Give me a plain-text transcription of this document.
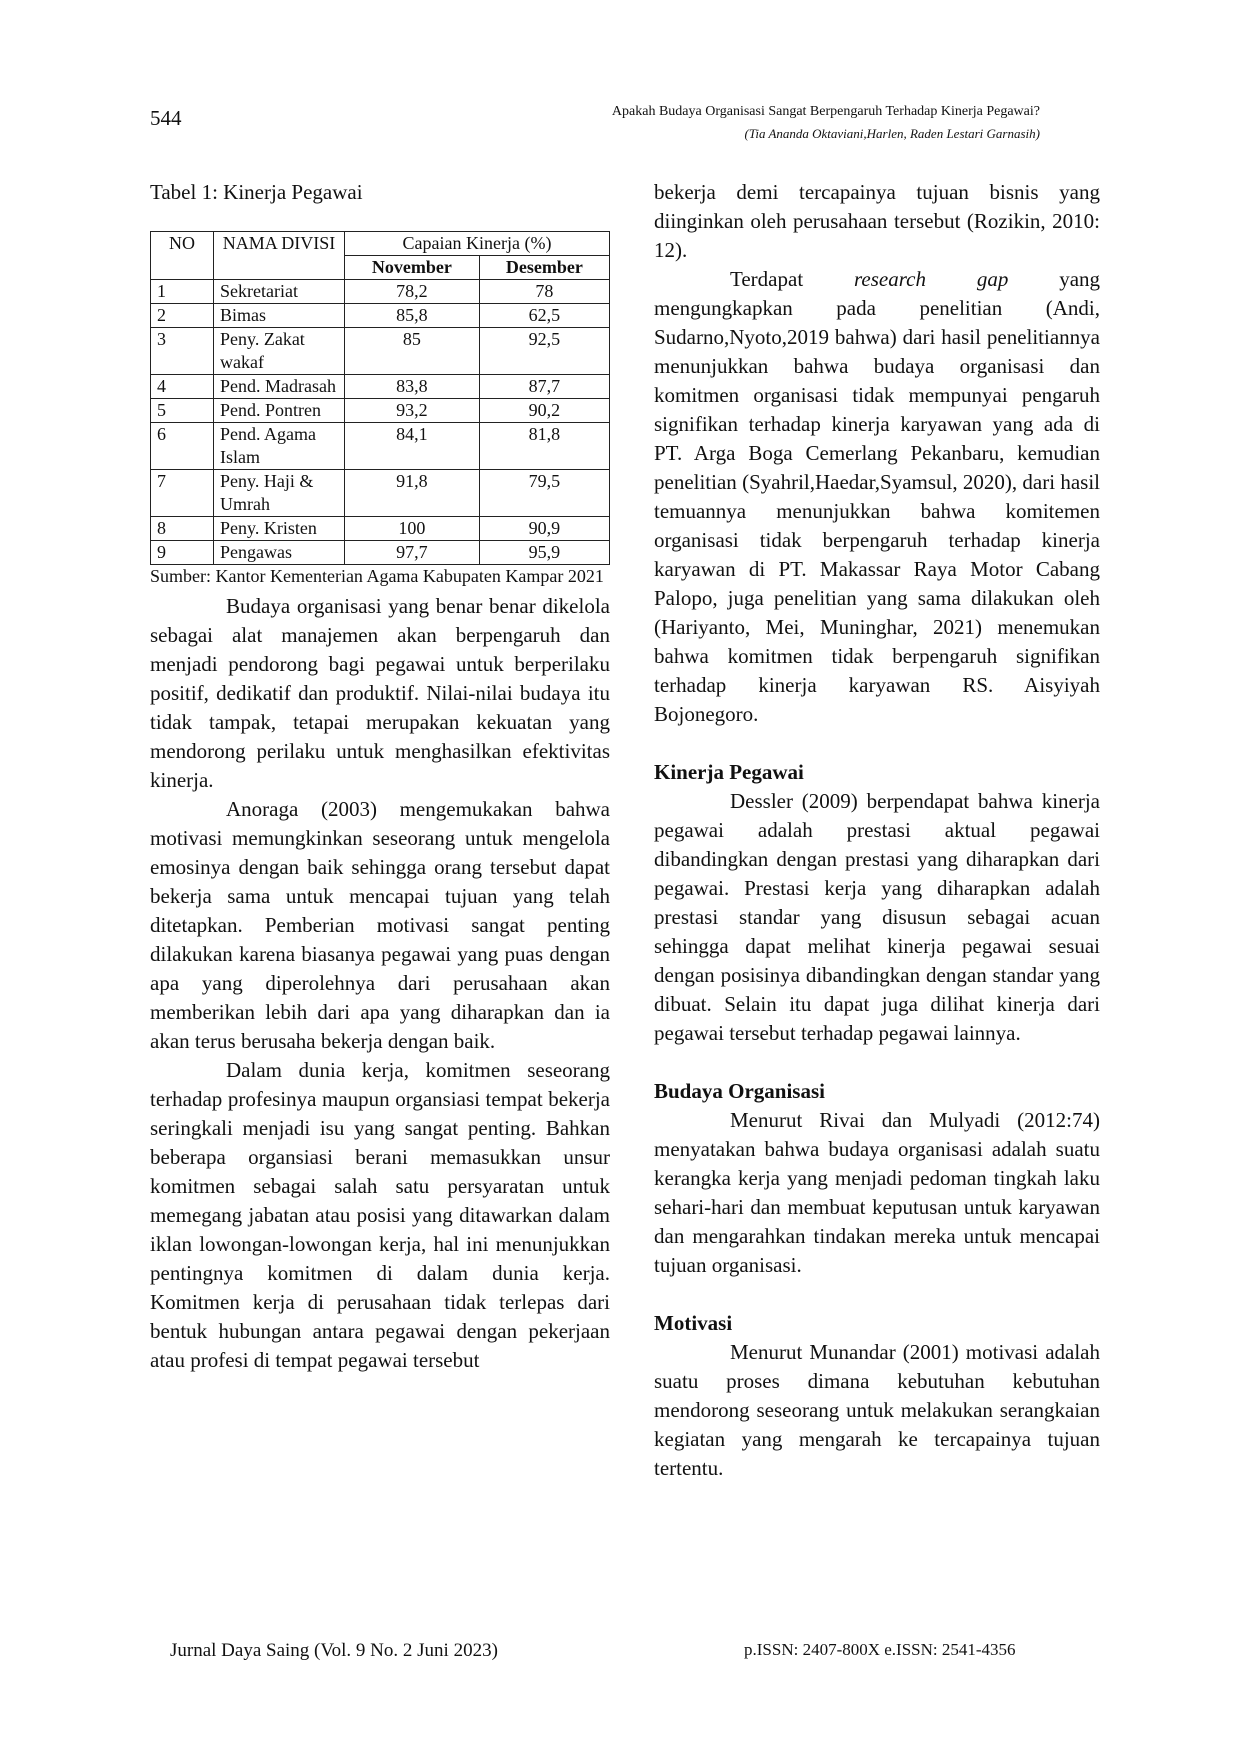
544	Apakah Budaya Organisasi Sangat Berpengaruh Terhadap Kinerja Pegawai?
(Tia Ananda Oktaviani,Harlen, Raden Lestari Garnasih)

Tabel 1: Kinerja Pegawai

NO	NAMA DIVISI	Capaian Kinerja (%)	
		November	Desember
1	Sekretariat	78,2	78
2	Bimas	85,8	62,5
3	Peny. Zakat wakaf	85	92,5
4	Pend. Madrasah	83,8	87,7
5	Pend. Pontren	93,2	90,2
6	Pend. Agama Islam	84,1	81,8
7	Peny. Haji & Umrah	91,8	79,5
8	Peny. Kristen	100	90,9
9	Pengawas	97,7	95,9

Sumber: Kantor Kementerian Agama Kabupaten Kampar 2021

Budaya organisasi yang benar benar dikelola sebagai alat manajemen akan berpengaruh dan menjadi pendorong bagi pegawai untuk berperilaku positif, dedikatif dan produktif. Nilai-nilai budaya itu tidak tampak, tetapai merupakan kekuatan yang mendorong perilaku untuk menghasilkan efektivitas kinerja.

Anoraga (2003) mengemukakan bahwa motivasi memungkinkan seseorang untuk mengelola emosinya dengan baik sehingga orang tersebut dapat bekerja sama untuk mencapai tujuan yang telah ditetapkan. Pemberian motivasi sangat penting dilakukan karena biasanya pegawai yang puas dengan apa yang diperolehnya dari perusahaan akan memberikan lebih dari apa yang diharapkan dan ia akan terus berusaha bekerja dengan baik.

Dalam dunia kerja, komitmen seseorang terhadap profesinya maupun organsiasi tempat bekerja seringkali menjadi isu yang sangat penting. Bahkan beberapa organsiasi berani memasukkan unsur komitmen sebagai salah satu persyaratan untuk memegang jabatan atau posisi yang ditawarkan dalam iklan lowongan-lowongan kerja, hal ini menunjukkan pentingnya komitmen di dalam dunia kerja. Komitmen kerja di perusahaan tidak terlepas dari bentuk hubungan antara pegawai dengan pekerjaan atau profesi di tempat pegawai tersebut

bekerja demi tercapainya tujuan bisnis yang diinginkan oleh perusahaan tersebut (Rozikin, 2010: 12).

Terdapat research gap yang mengungkapkan pada penelitian (Andi, Sudarno,Nyoto,2019 bahwa) dari hasil penelitiannya menunjukkan bahwa budaya organisasi dan komitmen organisasi tidak mempunyai pengaruh signifikan terhadap kinerja karyawan yang ada di PT. Arga Boga Cemerlang Pekanbaru, kemudian penelitian (Syahril,Haedar,Syamsul, 2020), dari hasil temuannya menunjukkan bahwa komitemen organisasi tidak berpengaruh terhadap kinerja karyawan di PT. Makassar Raya Motor Cabang Palopo, juga penelitian yang sama dilakukan oleh (Hariyanto, Mei, Muninghar, 2021) menemukan bahwa komitmen tidak berpengaruh signifikan terhadap kinerja karyawan RS. Aisyiyah Bojonegoro.

Kinerja Pegawai

Dessler (2009) berpendapat bahwa kinerja pegawai adalah prestasi aktual pegawai dibandingkan dengan prestasi yang diharapkan dari pegawai. Prestasi kerja yang diharapkan adalah prestasi standar yang disusun sebagai acuan sehingga dapat melihat kinerja pegawai sesuai dengan posisinya dibandingkan dengan standar yang dibuat. Selain itu dapat juga dilihat kinerja dari pegawai tersebut terhadap pegawai lainnya.

Budaya Organisasi

Menurut Rivai dan Mulyadi (2012:74) menyatakan bahwa budaya organisasi adalah suatu kerangka kerja yang menjadi pedoman tingkah laku sehari-hari dan membuat keputusan untuk karyawan dan mengarahkan tindakan mereka untuk mencapai tujuan organisasi.

Motivasi

Menurut Munandar (2001) motivasi adalah suatu proses dimana kebutuhan kebutuhan mendorong seseorang untuk melakukan serangkaian kegiatan yang mengarah ke tercapainya tujuan tertentu.

Jurnal Daya Saing (Vol. 9 No. 2 Juni 2023)	p.ISSN: 2407-800X e.ISSN: 2541-4356
